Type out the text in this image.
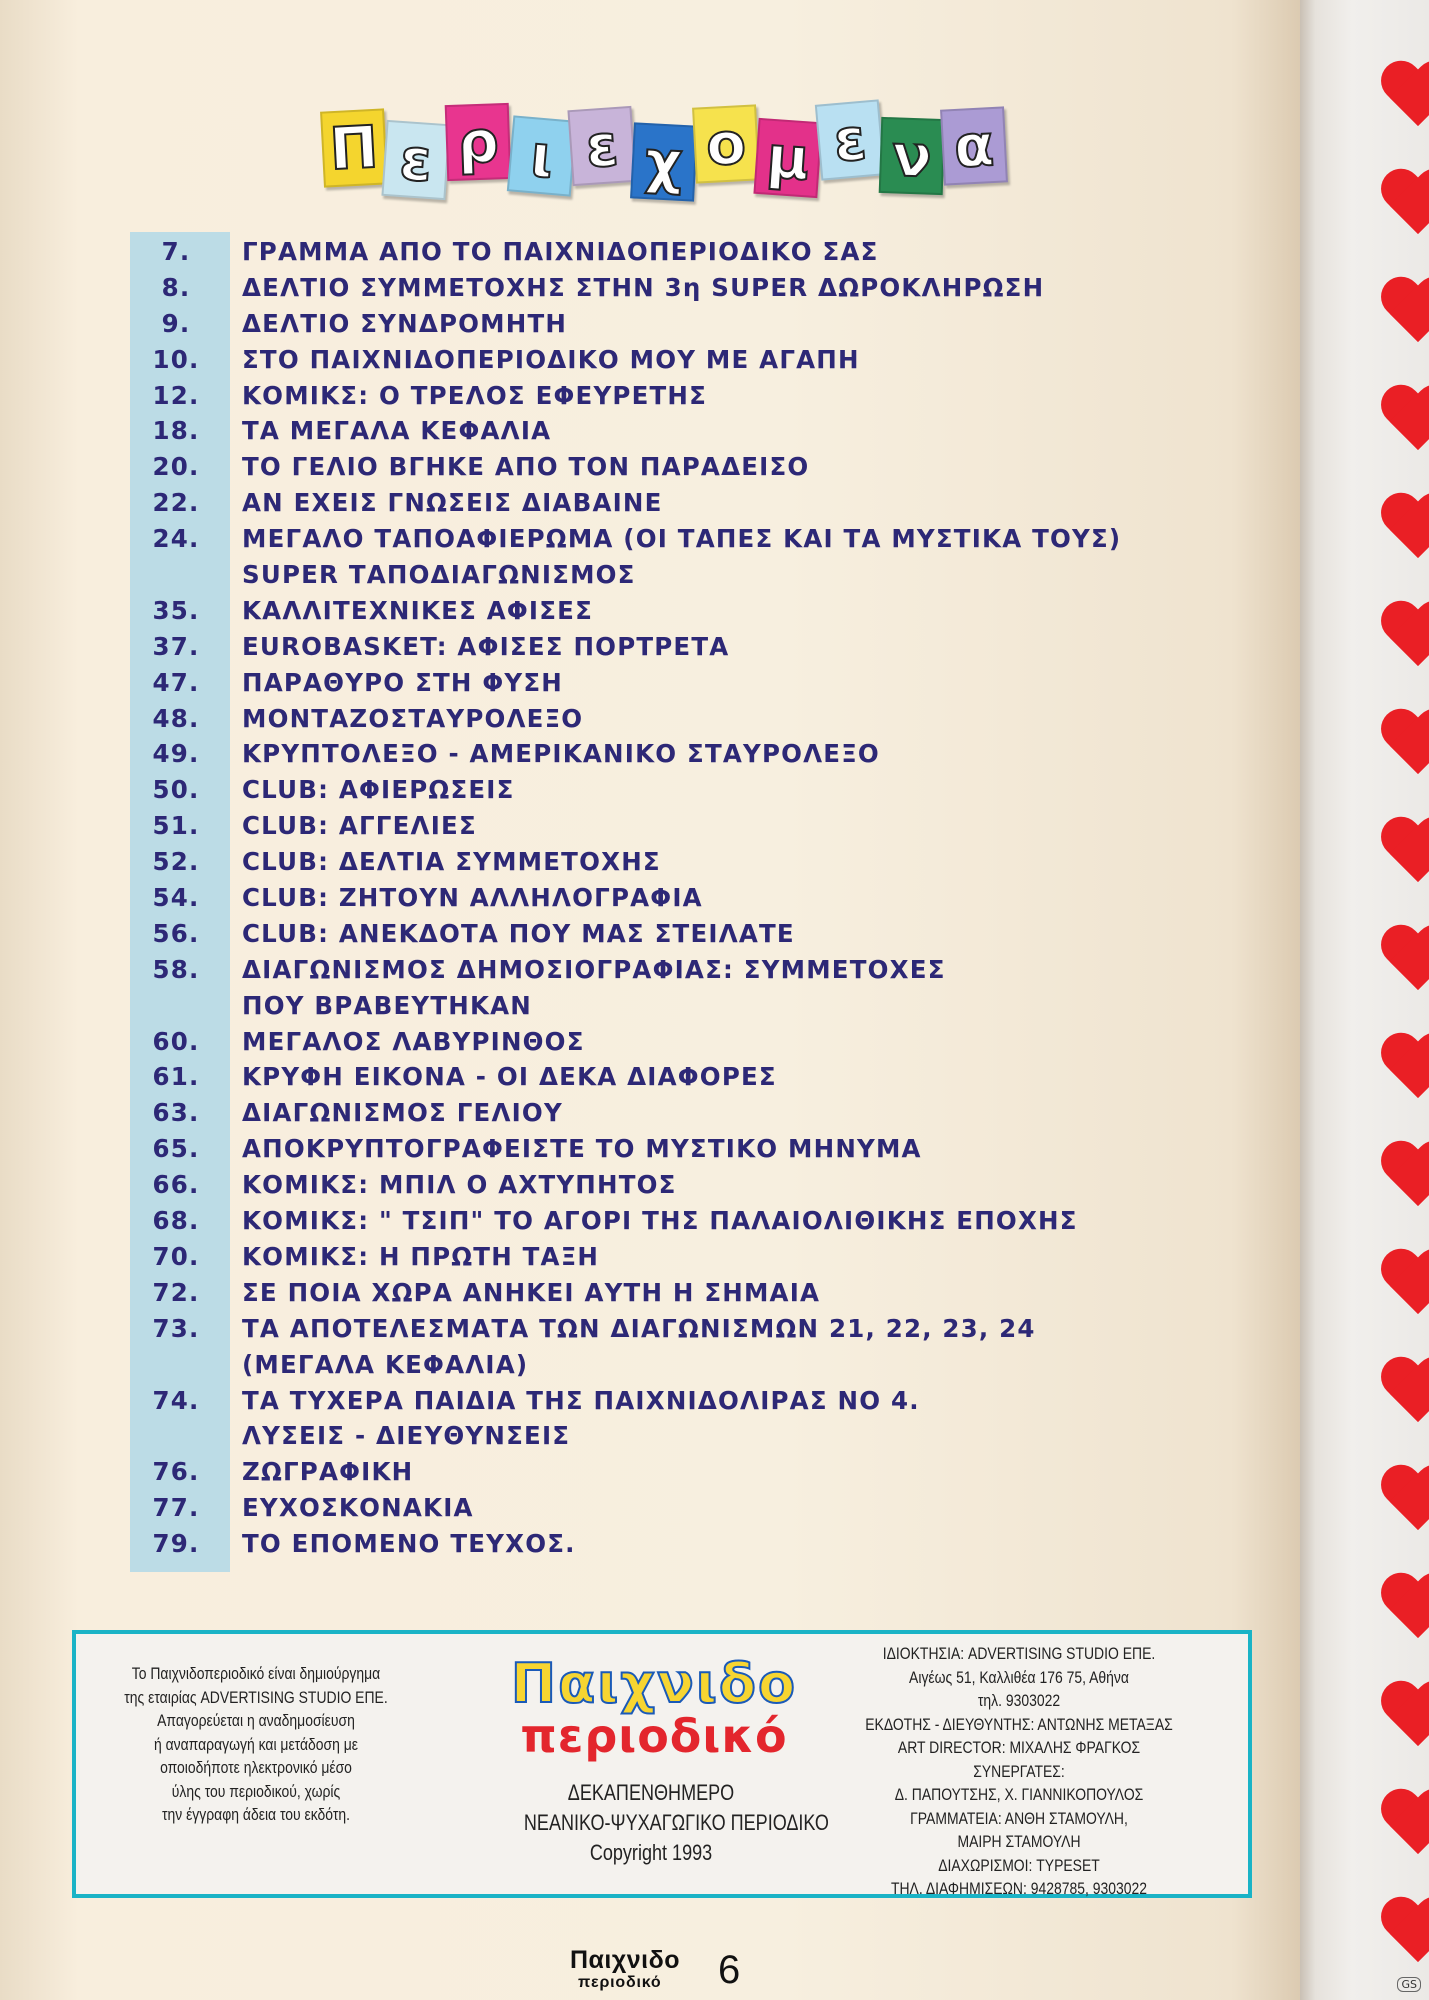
Π ε ρ ι ε χ ο μ ε ν α
7.	ΓΡΑΜΜΑ ΑΠΟ ΤΟ ΠΑΙΧΝΙΔΟΠΕΡΙΟΔΙΚΟ ΣΑΣ
8.	ΔΕΛΤΙΟ ΣΥΜΜΕΤΟΧΗΣ ΣΤΗΝ 3η SUPER ΔΩΡΟΚΛΗΡΩΣΗ
9.	ΔΕΛΤΙΟ ΣΥΝΔΡΟΜΗΤΗ
10.	ΣΤΟ ΠΑΙΧΝΙΔΟΠΕΡΙΟΔΙΚΟ ΜΟΥ ΜΕ ΑΓΑΠΗ
12.	ΚΟΜΙΚΣ: Ο ΤΡΕΛΟΣ ΕΦΕΥΡΕΤΗΣ
18.	ΤΑ ΜΕΓΑΛΑ ΚΕΦΑΛΙΑ
20.	ΤΟ ΓΕΛΙΟ ΒΓΗΚΕ ΑΠΟ ΤΟΝ ΠΑΡΑΔΕΙΣΟ
22.	ΑΝ ΕΧΕΙΣ ΓΝΩΣΕΙΣ ΔΙΑΒΑΙΝΕ
24.	ΜΕΓΑΛΟ ΤΑΠΟΑΦΙΕΡΩΜΑ (ΟΙ ΤΑΠΕΣ ΚΑΙ ΤΑ ΜΥΣΤΙΚΑ ΤΟΥΣ)
SUPER ΤΑΠΟΔΙΑΓΩΝΙΣΜΟΣ
35.	ΚΑΛΛΙΤΕΧΝΙΚΕΣ ΑΦΙΣΕΣ
37.	EUROBASKET: ΑΦΙΣΕΣ ΠΟΡΤΡΕΤΑ
47.	ΠΑΡΑΘΥΡΟ ΣΤΗ ΦΥΣΗ
48.	ΜΟΝΤΑΖΟΣΤΑΥΡΟΛΕΞΟ
49.	ΚΡΥΠΤΟΛΕΞΟ - ΑΜΕΡΙΚΑΝΙΚΟ ΣΤΑΥΡΟΛΕΞΟ
50.	CLUB: ΑΦΙΕΡΩΣΕΙΣ
51.	CLUB: ΑΓΓΕΛΙΕΣ
52.	CLUB: ΔΕΛΤΙΑ ΣΥΜΜΕΤΟΧΗΣ
54.	CLUB: ΖΗΤΟΥΝ ΑΛΛΗΛΟΓΡΑΦΙΑ
56.	CLUB: ΑΝΕΚΔΟΤΑ ΠΟΥ ΜΑΣ ΣΤΕΙΛΑΤΕ
58.	ΔΙΑΓΩΝΙΣΜΟΣ ΔΗΜΟΣΙΟΓΡΑΦΙΑΣ: ΣΥΜΜΕΤΟΧΕΣ
ΠΟΥ ΒΡΑΒΕΥΤΗΚΑΝ
60.	ΜΕΓΑΛΟΣ ΛΑΒΥΡΙΝΘΟΣ
61.	ΚΡΥΦΗ ΕΙΚΟΝΑ - ΟΙ ΔΕΚΑ ΔΙΑΦΟΡΕΣ
63.	ΔΙΑΓΩΝΙΣΜΟΣ ΓΕΛΙΟΥ
65.	ΑΠΟΚΡΥΠΤΟΓΡΑΦΕΙΣΤΕ ΤΟ ΜΥΣΤΙΚΟ ΜΗΝΥΜΑ
66.	ΚΟΜΙΚΣ: ΜΠΙΛ Ο ΑΧΤΥΠΗΤΟΣ
68.	ΚΟΜΙΚΣ: " ΤΣΙΠ" ΤΟ ΑΓΟΡΙ ΤΗΣ ΠΑΛΑΙΟΛΙΘΙΚΗΣ ΕΠΟΧΗΣ
70.	ΚΟΜΙΚΣ: Η ΠΡΩΤΗ ΤΑΞΗ
72.	ΣΕ ΠΟΙΑ ΧΩΡΑ ΑΝΗΚΕΙ ΑΥΤΗ Η ΣΗΜΑΙΑ
73.	ΤΑ ΑΠΟΤΕΛΕΣΜΑΤΑ ΤΩΝ ΔΙΑΓΩΝΙΣΜΩΝ 21, 22, 23, 24
(ΜΕΓΑΛΑ ΚΕΦΑΛΙΑ)
74.	ΤΑ ΤΥΧΕΡΑ ΠΑΙΔΙΑ ΤΗΣ ΠΑΙΧΝΙΔΟΛΙΡΑΣ ΝΟ 4.
ΛΥΣΕΙΣ - ΔΙΕΥΘΥΝΣΕΙΣ
76.	ΖΩΓΡΑΦΙΚΗ
77.	ΕΥΧΟΣΚΟΝΑΚΙΑ
79.	ΤΟ ΕΠΟΜΕΝΟ ΤΕΥΧΟΣ.
Το Παιχνιδοπεριοδικό είναι δημιούργημα
της εταιρίας ADVERTISING STUDIO ΕΠΕ.
Απαγορεύεται η αναδημοσίευση
ή αναπαραγωγή και μετάδοση με
οποιοδήποτε ηλεκτρονικό μέσο
ύλης του περιοδικού, χωρίς
την έγγραφη άδεια του εκδότη.
Παιχνιδο
περιοδικό
ΔΕΚΑΠΕΝΘΗΜΕΡΟ
ΝΕΑΝΙΚΟ-ΨΥΧΑΓΩΓΙΚΟ ΠΕΡΙΟΔΙΚΟ
Copyright 1993
ΙΔΙΟΚΤΗΣΙΑ: ADVERTISING STUDIO ΕΠΕ.
Αιγέως 51, Καλλιθέα 176 75, Αθήνα
τηλ. 9303022
ΕΚΔΟΤΗΣ - ΔΙΕΥΘΥΝΤΗΣ: ΑΝΤΩΝΗΣ ΜΕΤΑΞΑΣ
ART DIRECTOR: ΜΙΧΑΛΗΣ ΦΡΑΓΚΟΣ
ΣΥΝΕΡΓΑΤΕΣ:
Δ. ΠΑΠΟΥΤΣΗΣ, Χ. ΓΙΑΝΝΙΚΟΠΟΥΛΟΣ
ΓΡΑΜΜΑΤΕΙΑ: ΑΝΘΗ ΣΤΑΜΟΥΛΗ,
ΜΑΙΡΗ ΣΤΑΜΟΥΛΗ
ΔΙΑΧΩΡΙΣΜΟΙ: TYPESET
ΤΗΛ. ΔΙΑΦΗΜΙΣΕΩΝ: 9428785, 9303022
Παιχνιδο
περιοδικό 6	GS
